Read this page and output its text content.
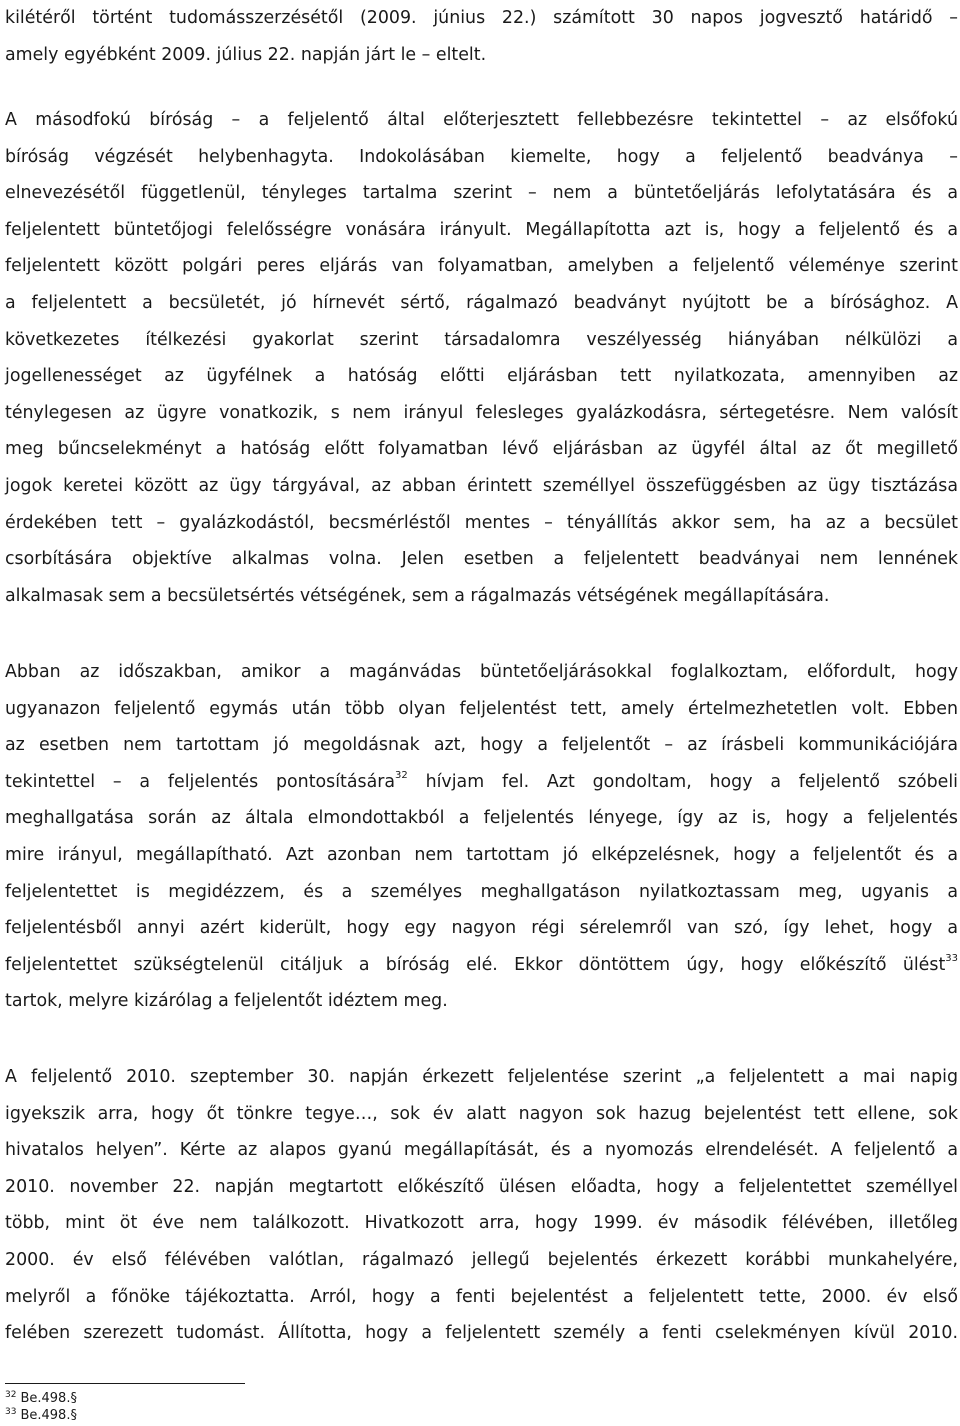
kilétéről történt tudomásszerzésétől (2009. június 22.) számított 30 napos jogvesztő határidő –
amely egyébként 2009. július 22. napján járt le – eltelt.
A másodfokú bíróság – a feljelentő által előterjesztett fellebbezésre tekintettel – az elsőfokú
bíróság végzését helybenhagyta. Indokolásában kiemelte, hogy a feljelentő beadványa –
elnevezésétől függetlenül, tényleges tartalma szerint – nem a büntetőeljárás lefolytatására és a
feljelentett büntetőjogi felelősségre vonására irányult. Megállapította azt is, hogy a feljelentő és a
feljelentett között polgári peres eljárás van folyamatban, amelyben a feljelentő véleménye szerint
a feljelentett a becsületét, jó hírnevét sértő, rágalmazó beadványt nyújtott be a bírósághoz. A
következetes ítélkezési gyakorlat szerint társadalomra veszélyesség hiányában nélkülözi a
jogellenességet az ügyfélnek a hatóság előtti eljárásban tett nyilatkozata, amennyiben az
ténylegesen az ügyre vonatkozik, s nem irányul felesleges gyalázkodásra, sértegetésre. Nem valósít
meg bűncselekményt a hatóság előtt folyamatban lévő eljárásban az ügyfél által az őt megillető
jogok keretei között az ügy tárgyával, az abban érintett személlyel összefüggésben az ügy tisztázása
érdekében tett – gyalázkodástól, becsmérléstől mentes – tényállítás akkor sem, ha az a becsület
csorbítására objektíve alkalmas volna. Jelen esetben a feljelentett beadványai nem lennének
alkalmasak sem a becsületsértés vétségének, sem a rágalmazás vétségének megállapítására.
Abban az időszakban, amikor a magánvádas büntetőeljárásokkal foglalkoztam, előfordult, hogy
ugyanazon feljelentő egymás után több olyan feljelentést tett, amely értelmezhetetlen volt. Ebben
az esetben nem tartottam jó megoldásnak azt, hogy a feljelentőt – az írásbeli kommunikációjára
tekintettel – a feljelentés pontosítására$^{32}$ hívjam fel. Azt gondoltam, hogy a feljelentő szóbeli
meghallgatása során az általa elmondottakból a feljelentés lényege, így az is, hogy a feljelentés
mire irányul, megállapítható. Azt azonban nem tartottam jó elképzelésnek, hogy a feljelentőt és a
feljelentettet is megidézzem, és a személyes meghallgatáson nyilatkoztassam meg, ugyanis a
feljelentésből annyi azért kiderült, hogy egy nagyon régi sérelemről van szó, így lehet, hogy a
feljelentettet szükségtelenül citáljuk a bíróság elé. Ekkor döntöttem úgy, hogy előkészítő ülést$^{33}$
tartok, melyre kizárólag a feljelentőt idéztem meg.
A feljelentő 2010. szeptember 30. napján érkezett feljelentése szerint „a feljelentett a mai napig
igyekszik arra, hogy őt tönkre tegye…, sok év alatt nagyon sok hazug bejelentést tett ellene, sok
hivatalos helyen”. Kérte az alapos gyanú megállapítását, és a nyomozás elrendelését. A feljelentő a
2010. november 22. napján megtartott előkészítő ülésen előadta, hogy a feljelentettet személlyel
több, mint öt éve nem találkozott. Hivatkozott arra, hogy 1999. év második félévében, illetőleg
2000. év első félévében valótlan, rágalmazó jellegű bejelentés érkezett korábbi munkahelyére,
melyről a főnöke tájékoztatta. Arról, hogy a fenti bejelentést a feljelentett tette, 2000. év első
felében szerezett tudomást. Állította, hogy a feljelentett személy a fenti cselekményen kívül 2010.
$^{32}$ Be.498.§
$^{33}$ Be.498.§
